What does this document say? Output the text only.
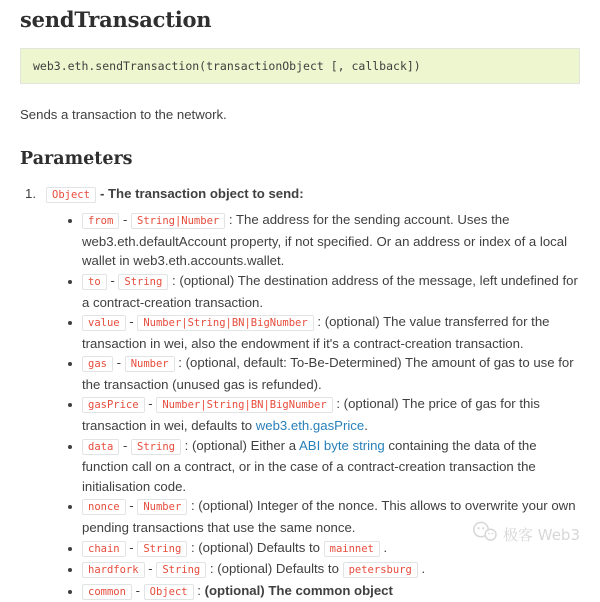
sendTransaction
web3.eth.sendTransaction(transactionObject [, callback])

Sends a transaction to the network.

Parameters
1. Object - The transaction object to send:
• from - String|Number : The address for the sending account. Uses the web3.eth.defaultAccount property, if not specified. Or an address or index of a local wallet in web3.eth.accounts.wallet.
• to - String : (optional) The destination address of the message, left undefined for a contract-creation transaction.
• value - Number|String|BN|BigNumber : (optional) The value transferred for the transaction in wei, also the endowment if it's a contract-creation transaction.
• gas - Number : (optional, default: To-Be-Determined) The amount of gas to use for the transaction (unused gas is refunded).
• gasPrice - Number|String|BN|BigNumber : (optional) The price of gas for this transaction in wei, defaults to web3.eth.gasPrice.
• data - String : (optional) Either a ABI byte string containing the data of the function call on a contract, or in the case of a contract-creation transaction the initialisation code.
• nonce - Number : (optional) Integer of the nonce. This allows to overwrite your own pending transactions that use the same nonce.
• chain - String : (optional) Defaults to mainnet .
• hardfork - String : (optional) Defaults to petersburg .
• common - Object : (optional) The common object
极客 Web3
